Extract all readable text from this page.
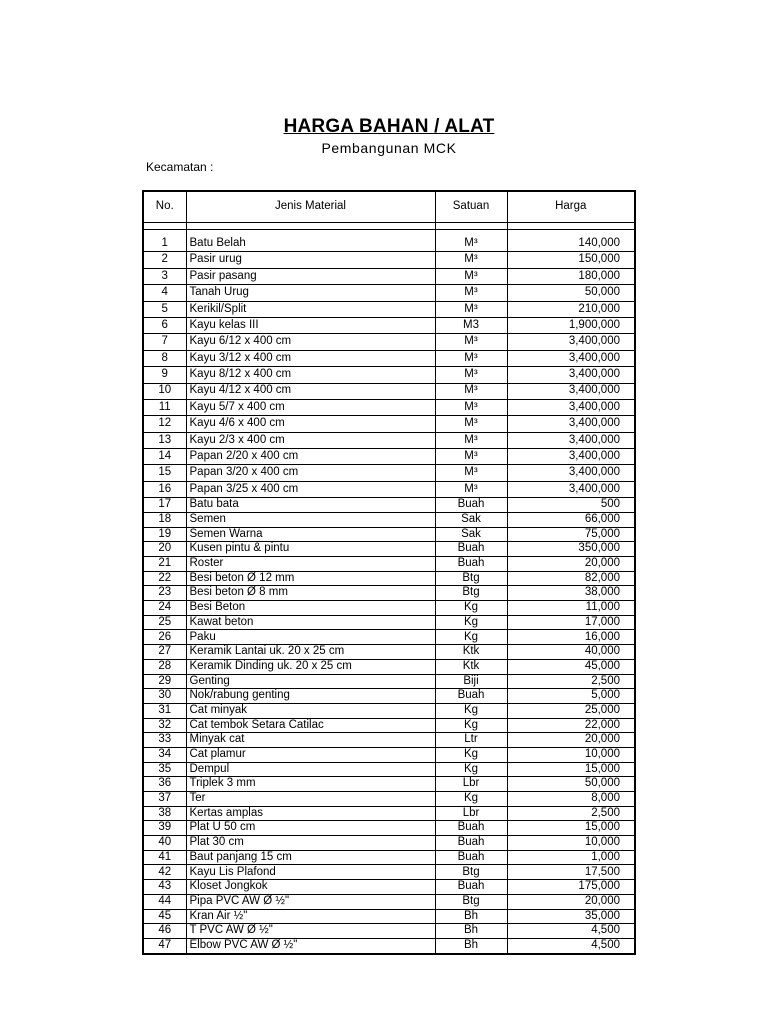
HARGA BAHAN / ALAT
Pembangunan MCK
Kecamatan :
No.	Jenis Material	Satuan	Harga

1	Batu Belah	M³	140,000
2	Pasir urug	M³	150,000
3	Pasir pasang	M³	180,000
4	Tanah Urug	M³	50,000
5	Kerikil/Split	M³	210,000
6	Kayu kelas III	M3	1,900,000
7	Kayu 6/12 x 400 cm	M³	3,400,000
8	Kayu 3/12 x 400 cm	M³	3,400,000
9	Kayu 8/12 x 400 cm	M³	3,400,000
10	Kayu 4/12 x 400 cm	M³	3,400,000
11	Kayu 5/7 x 400 cm	M³	3,400,000
12	Kayu 4/6 x 400 cm	M³	3,400,000
13	Kayu 2/3 x 400 cm	M³	3,400,000
14	Papan 2/20 x 400 cm	M³	3,400,000
15	Papan 3/20 x 400 cm	M³	3,400,000
16	Papan 3/25 x 400 cm	M³	3,400,000
17	Batu bata	Buah	500
18	Semen	Sak	66,000
19	Semen Warna	Sak	75,000
20	Kusen pintu & pintu	Buah	350,000
21	Roster	Buah	20,000
22	Besi beton Ø 12 mm	Btg	82,000
23	Besi beton Ø 8 mm	Btg	38,000
24	Besi Beton	Kg	11,000
25	Kawat beton	Kg	17,000
26	Paku	Kg	16,000
27	Keramik Lantai uk. 20 x 25 cm	Ktk	40,000
28	Keramik Dinding uk. 20 x 25 cm	Ktk	45,000
29	Genting	Biji	2,500
30	Nok/rabung genting	Buah	5,000
31	Cat minyak	Kg	25,000
32	Cat tembok Setara Catilac	Kg	22,000
33	Minyak cat	Ltr	20,000
34	Cat plamur	Kg	10,000
35	Dempul	Kg	15,000
36	Triplek 3 mm	Lbr	50,000
37	Ter	Kg	8,000
38	Kertas amplas	Lbr	2,500
39	Plat U 50 cm	Buah	15,000
40	Plat 30 cm	Buah	10,000
41	Baut panjang 15 cm	Buah	1,000
42	Kayu Lis Plafond	Btg	17,500
43	Kloset Jongkok	Buah	175,000
44	Pipa PVC AW Ø ½"	Btg	20,000
45	Kran Air ½"	Bh	35,000
46	T PVC AW Ø ½"	Bh	4,500
47	Elbow PVC AW Ø ½"	Bh	4,500
